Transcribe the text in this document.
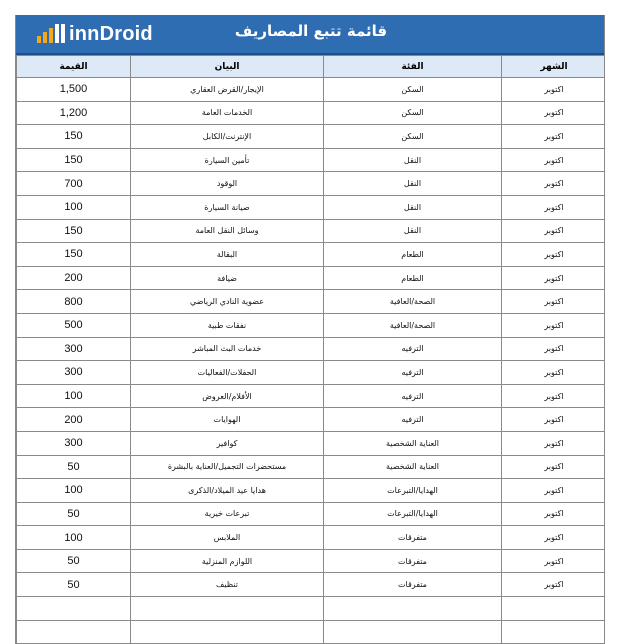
innDroid	قائمة تتبع المصاريف
الشهر	الفئة	البيان	القيمة
اكتوبر	السكن	الإيجار/القرض العقاري	1,500
اكتوبر	السكن	الخدمات العامة	1,200
اكتوبر	السكن	الإنترنت/الكابل	150
اكتوبر	النقل	تأمين السيارة	150
اكتوبر	النقل	الوقود	700
اكتوبر	النقل	صيانة السيارة	100
اكتوبر	النقل	وسائل النقل العامة	150
اكتوبر	الطعام	البقالة	150
اكتوبر	الطعام	ضيافة	200
اكتوبر	الصحة/العافية	عضوية النادي الرياضي	800
اكتوبر	الصحة/العافية	نفقات طبية	500
اكتوبر	الترفيه	خدمات البث المباشر	300
اكتوبر	الترفيه	الحفلات/الفعاليات	300
اكتوبر	الترفيه	الأفلام/العروض	100
اكتوبر	الترفيه	الهوايات	200
اكتوبر	العناية الشخصية	كوافير	300
اكتوبر	العناية الشخصية	مستحضرات التجميل/العناية بالبشرة	50
اكتوبر	الهدايا/التبرعات	هدايا عيد الميلاد/الذكرى	100
اكتوبر	الهدايا/التبرعات	تبرعات خيرية	50
اكتوبر	متفرقات	الملابس	100
اكتوبر	متفرقات	اللوازم المنزلية	50
اكتوبر	متفرقات	تنظيف	50
